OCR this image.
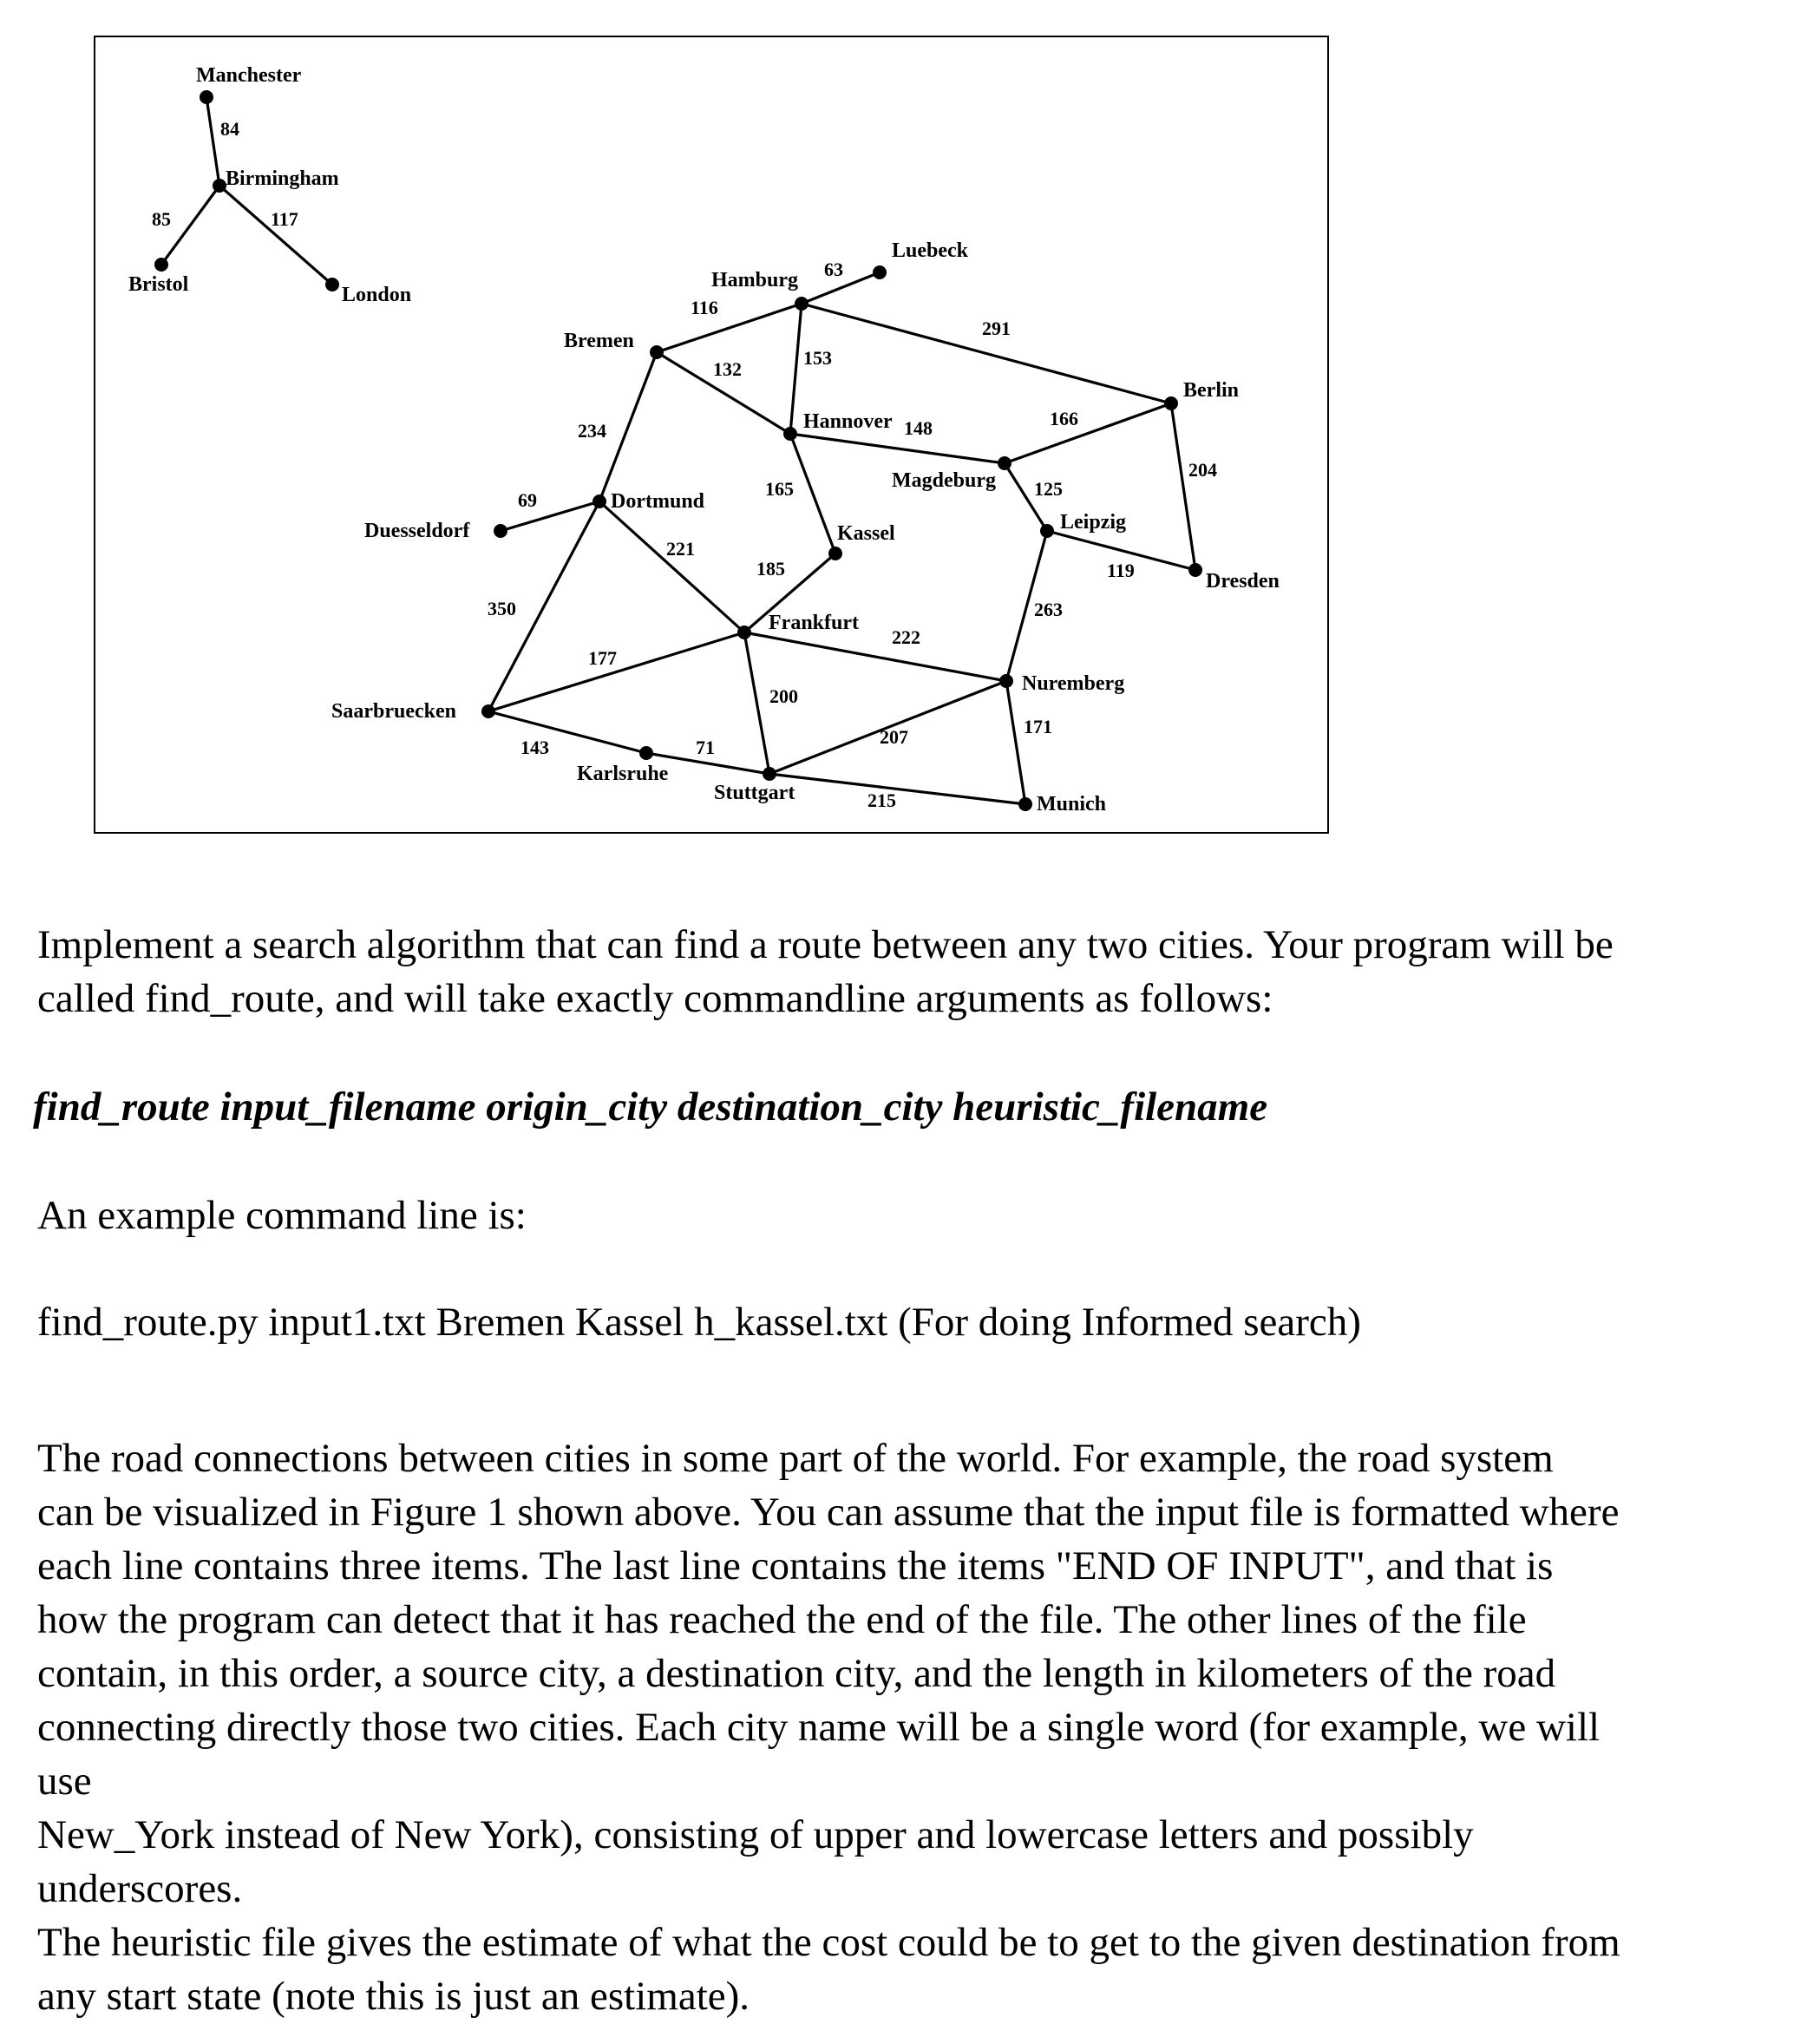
84
85	117
63
116
291
132
153
148	166
204
234
125
119
165
69
221
185
263
350
222
177
200
171
207
143	71
215
Manchester
Birmingham
Bristol	London
Luebeck
Hamburg
Bremen
Hannover
Berlin
Magdeburg
Leipzig
Dresden
Dortmund
Duesseldorf	Kassel
Frankfurt
Nuremberg
Saarbruecken
Karlsruhe
Stuttgart	Munich

Implement a search algorithm that can find a route between any two cities. Your program will be
called find_route, and will take exactly commandline arguments as follows:

find_route input_filename origin_city destination_city heuristic_filename

An example command line is:

find_route.py input1.txt Bremen Kassel h_kassel.txt (For doing Informed search)

The road connections between cities in some part of the world. For example, the road system
can be visualized in Figure 1 shown above. You can assume that the input file is formatted where
each line contains three items. The last line contains the items "END OF INPUT", and that is
how the program can detect that it has reached the end of the file. The other lines of the file
contain, in this order, a source city, a destination city, and the length in kilometers of the road
connecting directly those two cities. Each city name will be a single word (for example, we will
use
New_York instead of New York), consisting of upper and lowercase letters and possibly
underscores.
The heuristic file gives the estimate of what the cost could be to get to the given destination from
any start state (note this is just an estimate).
